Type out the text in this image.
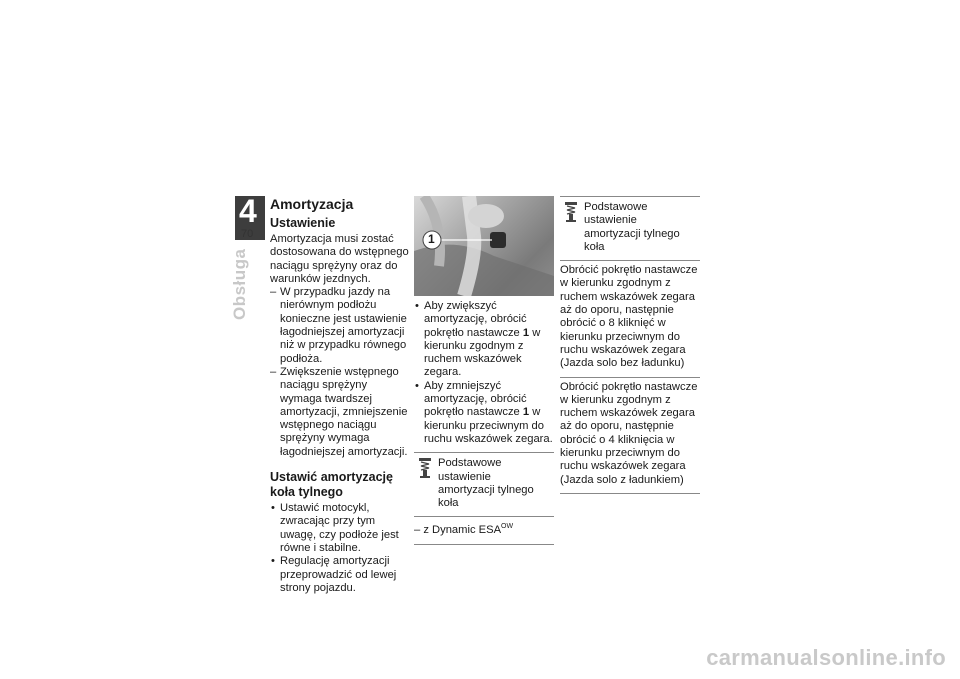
4
70
Obsługa
Amortyzacja
Ustawienie

Amortyzacja musi zostać dostosowana do wstępnego naciągu sprężyny oraz do warunków jezdnych.

– W przypadku jazdy na nierównym podłożu konieczne jest ustawienie łagodniejszej amortyzacji niż w przypadku równego podłoża.
– Zwiększenie wstępnego naciągu sprężyny wymaga twardszej amortyzacji, zmniejszenie wstępnego naciągu sprężyny wymaga łagodniejszej amortyzacji.
Ustawić amortyzację koła tylnego
• Ustawić motocykl, zwracając przy tym uwagę, czy podłoże jest równe i stabilne.
• Regulację amortyzacji przeprowadzić od lewej strony pojazdu.
1
• Aby zwiększyć amortyzację, obrócić pokrętło nastawcze 1 w kierunku zgodnym z ruchem wskazówek zegara.
• Aby zmniejszyć amortyzację, obrócić pokrętło nastawcze 1 w kierunku przeciwnym do ruchu wskazówek zegara.
Podstawowe ustawienie amortyzacji tylnego koła
– z Dynamic $ESA^{OW}$
Podstawowe ustawienie amortyzacji tylnego koła
Obrócić pokrętło nastawcze w kierunku zgodnym z ruchem wskazówek zegara aż do oporu, następnie obrócić o 8 kliknięć w kierunku przeciwnym do ruchu wskazówek zegara (Jazda solo bez ładunku)
Obrócić pokrętło nastawcze w kierunku zgodnym z ruchem wskazówek zegara aż do oporu, następnie obrócić o 4 kliknięcia w kierunku przeciwnym do ruchu wskazówek zegara (Jazda solo z ładunkiem)
carmanualsonline.info
